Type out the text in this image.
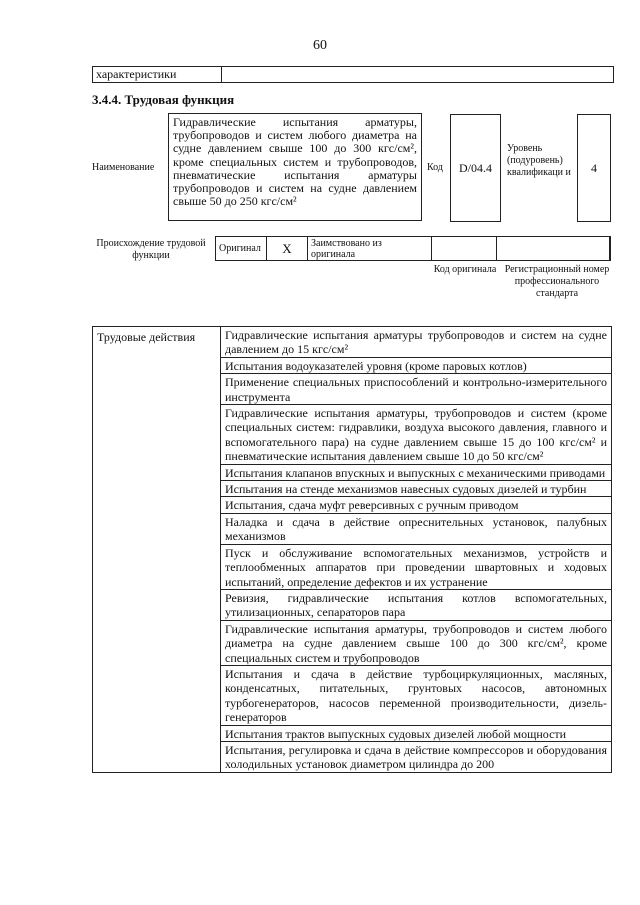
60
характеристики
3.4.4. Трудовая функция
Наименование
Гидравлические испытания арматуры, трубопроводов и систем любого диаметра на судне давлением свыше 100 до 300 кгс/см², кроме специальных систем и трубопроводов, пневматические испытания арматуры трубопроводов и систем на судне давлением свыше 50 до 250 кгс/см²
Код	D/04.4
Уровень (подуровень) квалификаци и	4
Происхождение трудовой функции
Оригинал	X	Заимствовано из оригинала
Код оригинала Регистрационный номер профессионального стандарта
Трудовые действия	Гидравлические испытания арматуры трубопроводов и систем на судне давлением до 15 кгс/см²
Испытания водоуказателей уровня (кроме паровых котлов)
Применение специальных приспособлений и контрольно-измерительного инструмента
Гидравлические испытания арматуры, трубопроводов и систем (кроме специальных систем: гидравлики, воздуха высокого давления, главного и вспомогательного пара) на судне давлением свыше 15 до 100 кгс/см² и пневматические испытания давлением свыше 10 до 50 кгс/см²
Испытания клапанов впускных и выпускных с механическими приводами
Испытания на стенде механизмов навесных судовых дизелей и турбин
Испытания, сдача муфт реверсивных с ручным приводом
Наладка и сдача в действие опреснительных установок, палубных механизмов
Пуск и обслуживание вспомогательных механизмов, устройств и теплообменных аппаратов при проведении швартовных и ходовых испытаний, определение дефектов и их устранение
Ревизия, гидравлические испытания котлов вспомогательных, утилизационных, сепараторов пара
Гидравлические испытания арматуры, трубопроводов и систем любого диаметра на судне давлением свыше 100 до 300 кгс/см², кроме специальных систем и трубопроводов
Испытания и сдача в действие турбоциркуляционных, масляных, конденсатных, питательных, грунтовых насосов, автономных турбогенераторов, насосов переменной производительности, дизель-генераторов
Испытания трактов выпускных судовых дизелей любой мощности
Испытания, регулировка и сдача в действие компрессоров и оборудования холодильных установок диаметром цилиндра до 200
